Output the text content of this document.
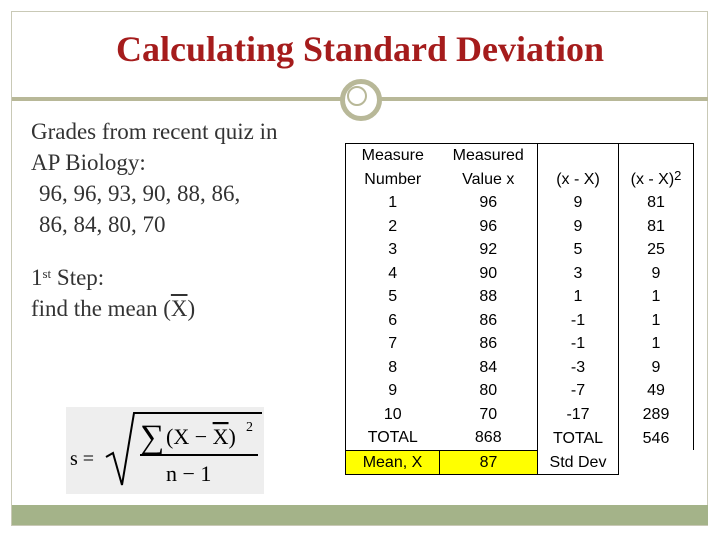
Calculating Standard Deviation
Grades from recent quiz in
AP Biology:
96, 96, 93, 90, 88, 86,
86, 84, 80, 70
1st Step:
find the mean $(\overline{X})$
s =
∑ (X − X) 2
n − 1
Measure	Measured		
Number	Value x	(x - X)	(x - X)$^2$
1	96	9	81
2	96	9	81
3	92	5	25
4	90	3	9
5	88	1	1
6	86	-1	1
7	86	-1	1
8	84	-3	9
9	80	-7	49
10	70	-17	289
TOTAL	868	TOTAL	546
Mean, X	87	Std Dev	
